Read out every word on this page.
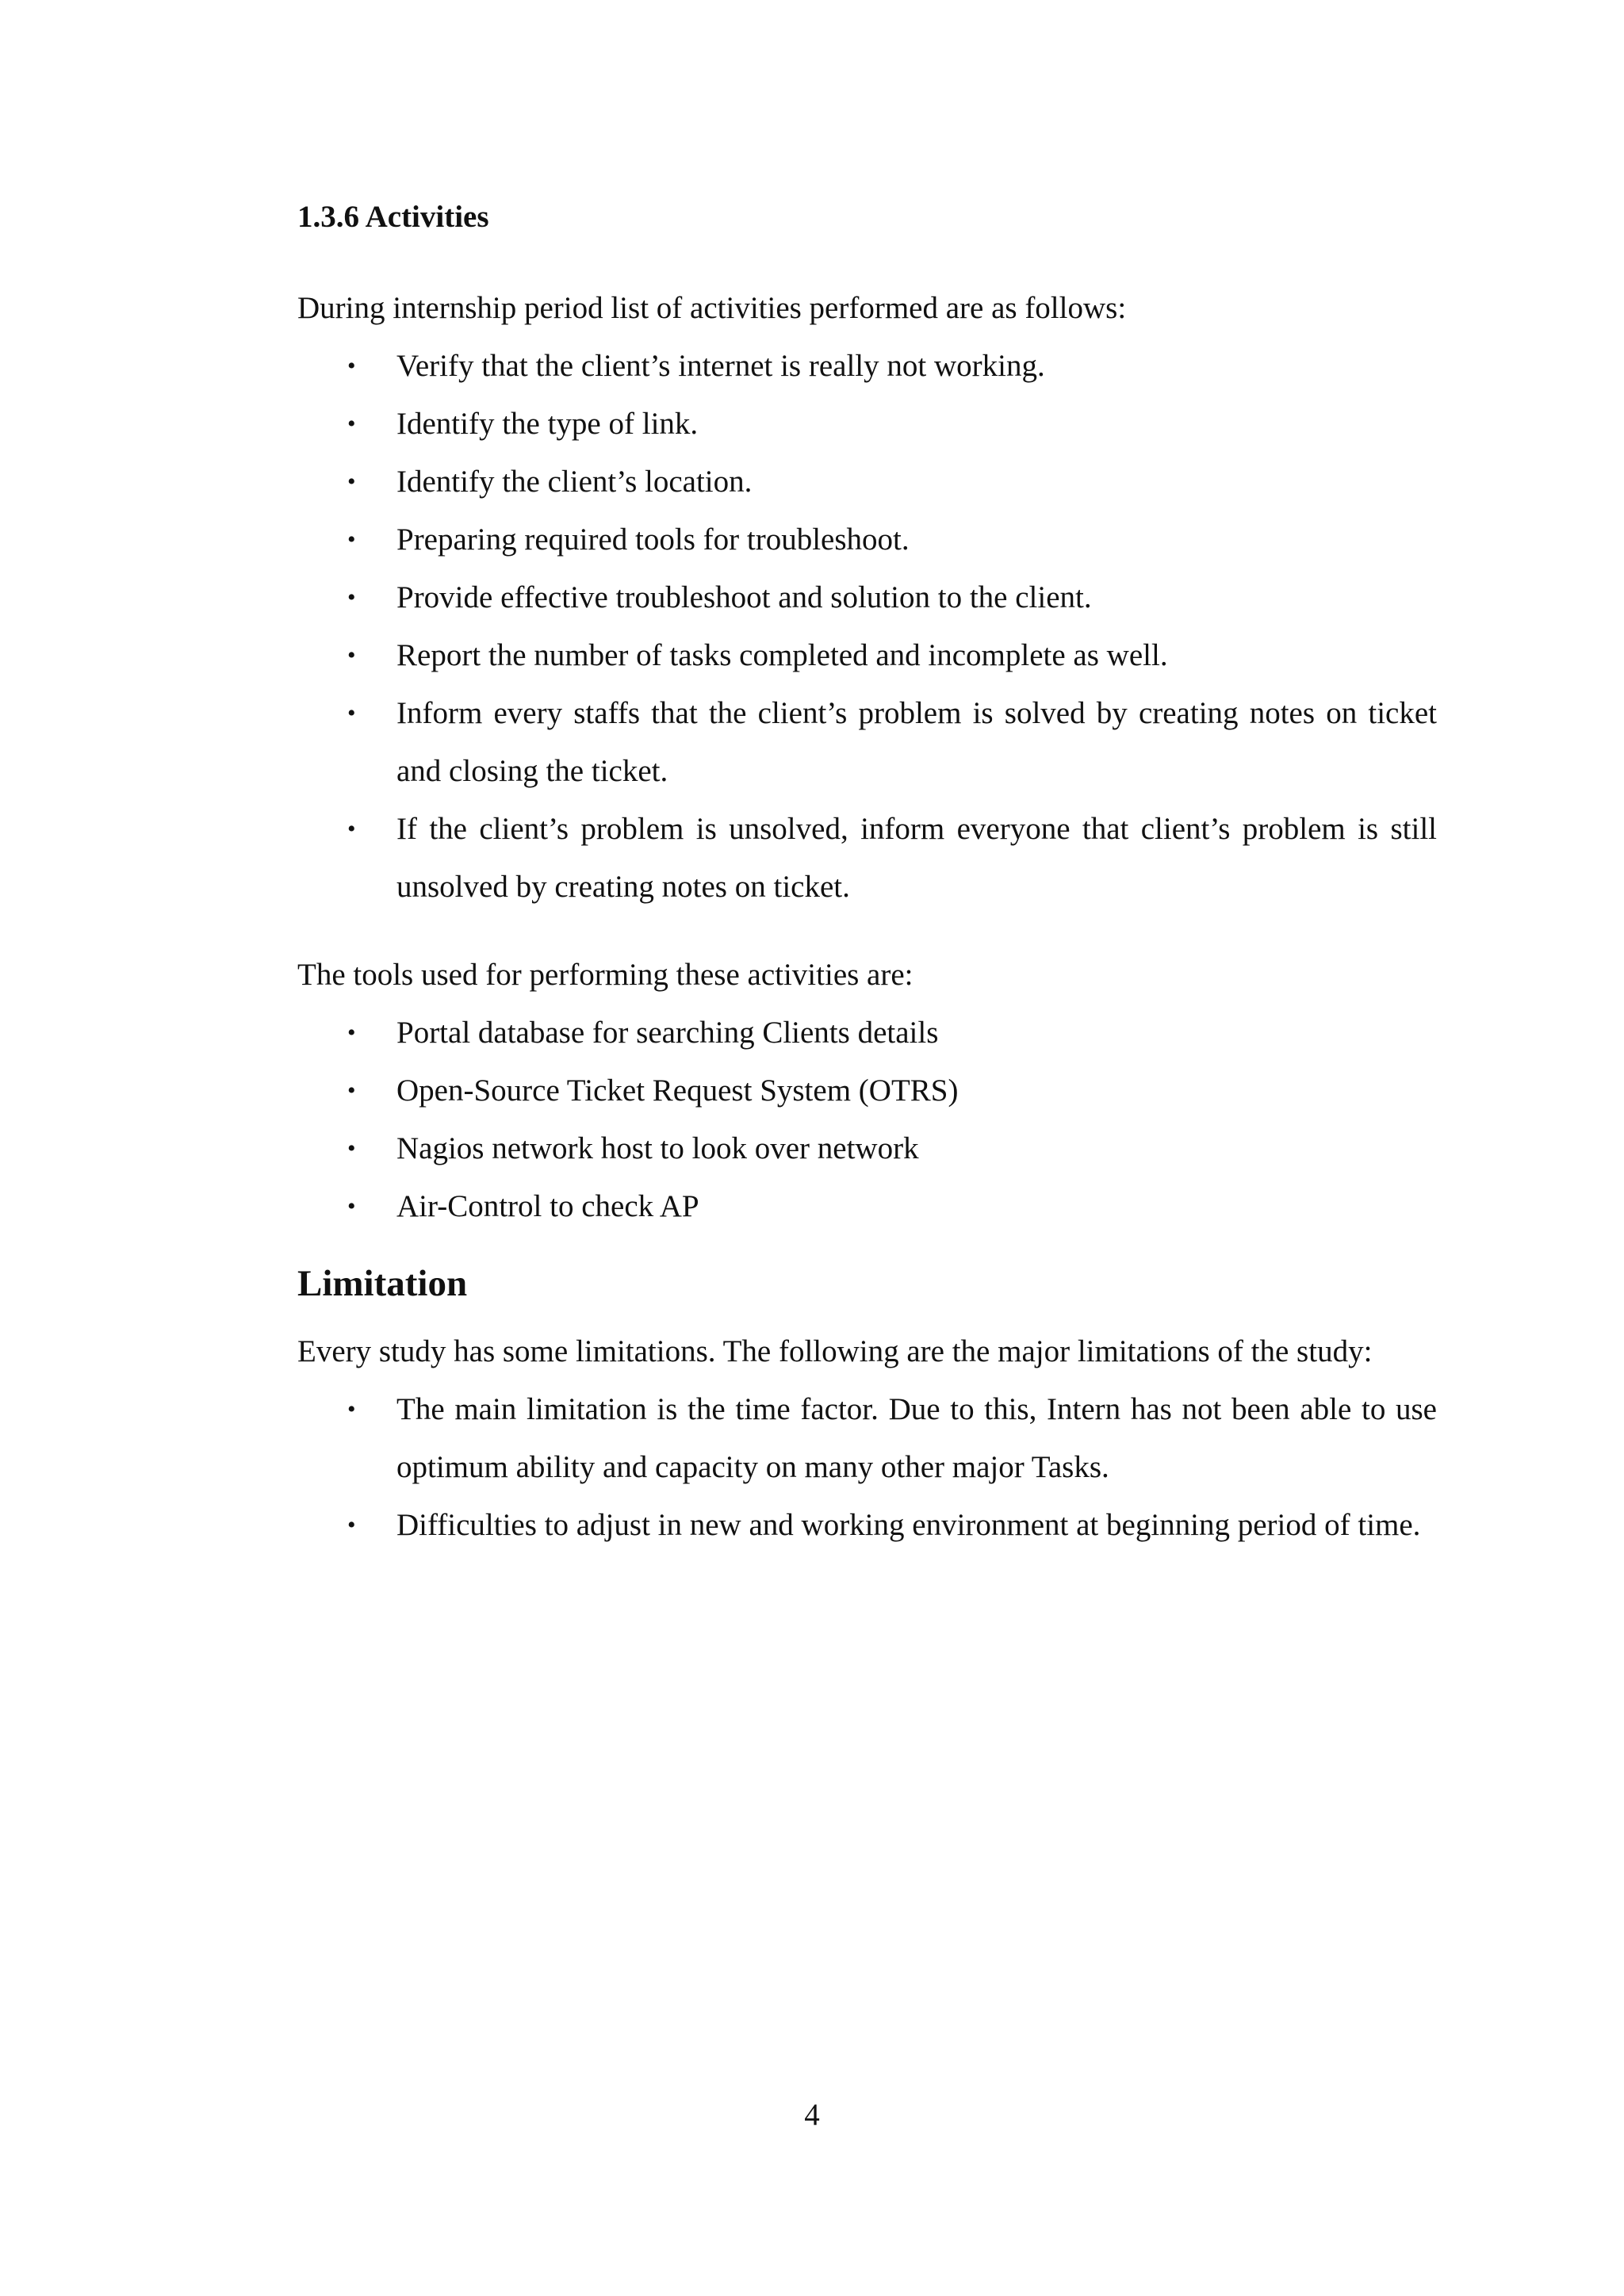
1.3.6 Activities

During internship period list of activities performed are as follows:

• Verify that the client’s internet is really not working.
• Identify the type of link.
• Identify the client’s location.
• Preparing required tools for troubleshoot.
• Provide effective troubleshoot and solution to the client.
• Report the number of tasks completed and incomplete as well.
• Inform every staffs that the client’s problem is solved by creating notes on ticket and closing the ticket.
• If the client’s problem is unsolved, inform everyone that client’s problem is still unsolved by creating notes on ticket.

The tools used for performing these activities are:

• Portal database for searching Clients details
• Open-Source Ticket Request System (OTRS)
• Nagios network host to look over network
• Air-Control to check AP
Limitation

Every study has some limitations. The following are the major limitations of the study:

• The main limitation is the time factor. Due to this, Intern has not been able to use optimum ability and capacity on many other major Tasks.
• Difficulties to adjust in new and working environment at beginning period of time.
4
